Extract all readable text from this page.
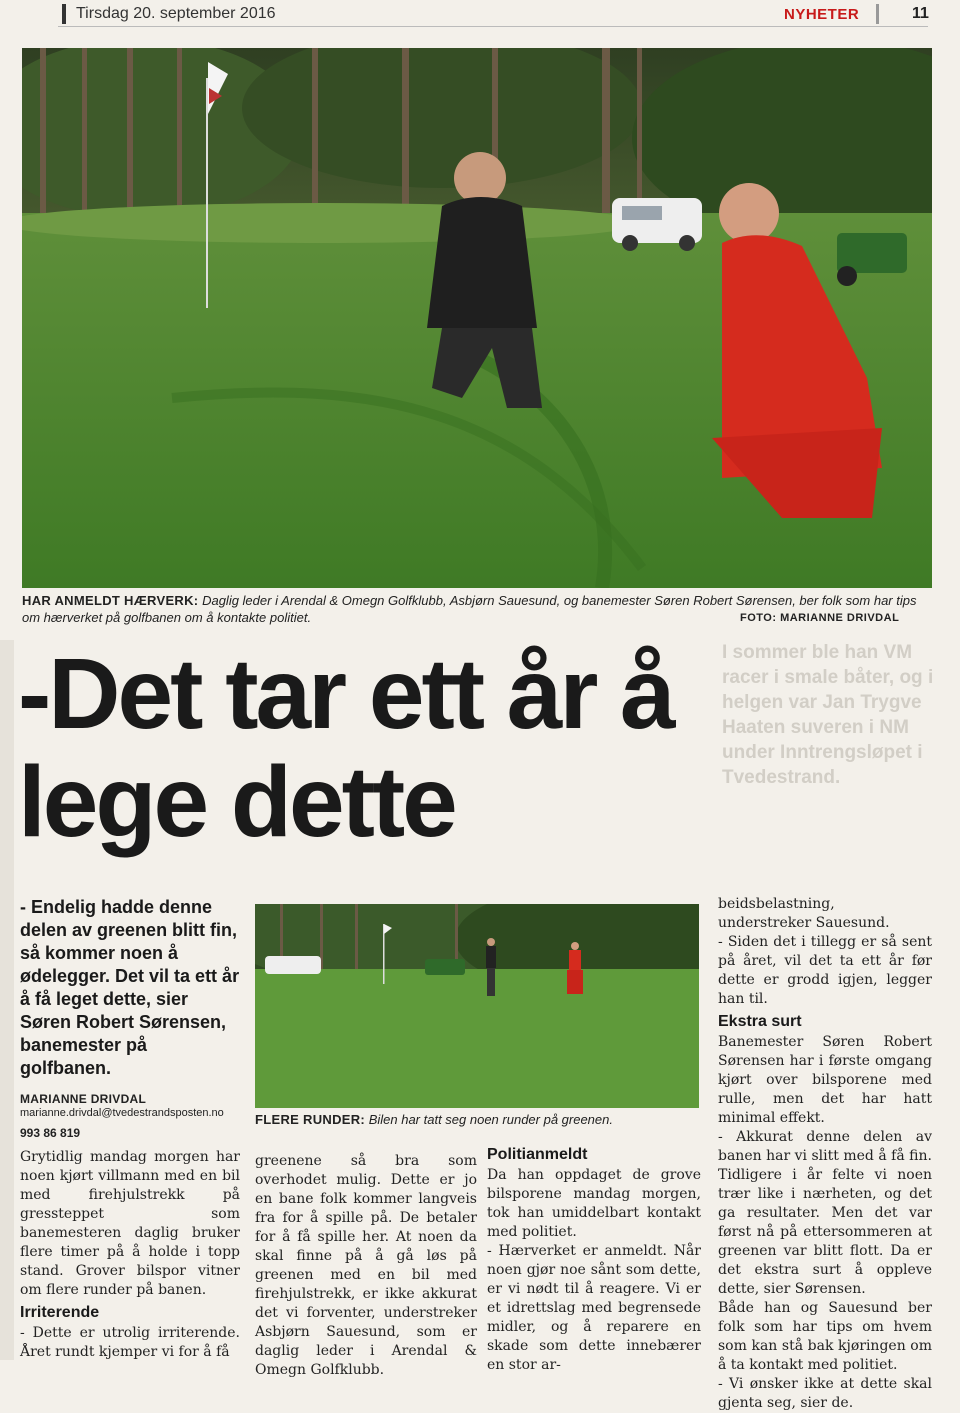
Tirsdag 20. september 2016	NYHETER	11
HAR ANMELDT HÆRVERK: Daglig leder i Arendal & Omegn Golfklubb, Asbjørn Sauesund, og banemester Søren Robert Sørensen, ber folk som har tips om hærverket på golfbanen om å kontakte politiet.	FOTO: MARIANNE DRIVDAL
I sommer ble han VM racer i smale båter, og i helgen var Jan Trygve Haaten suveren i NM under Inntrengsløpet i Tvedestrand.
-Det tar ett år å lege dette
- Endelig hadde denne delen av greenen blitt fin, så kommer noen å ødelegger. Det vil ta ett år å få leget dette, sier Søren Robert Sørensen, banemester på golfbanen.
MARIANNE DRIVDAL
marianne.drivdal@tvedestrandsposten.no
993 86 819
FLERE RUNDER: Bilen har tatt seg noen runder på greenen.

Grytidlig mandag morgen har noen kjørt villmann med en bil med firehjulstrekk på gressteppet som banemesteren daglig bruker flere timer på å holde i topp stand. Grover bilspor vitner om flere runder på banen.

Irriterende

- Dette er utrolig irriterende. Året rundt kjemper vi for å få

greenene så bra som overhodet mulig. Dette er jo en bane folk kommer langveis fra for å spille på. De betaler for å få spille her. At noen da skal finne på å gå løs på greenen med en bil med firehjulstrekk, er ikke akkurat det vi forventer, understreker Asbjørn Sauesund, som er daglig leder i Arendal & Omegn Golfklubb.

Politianmeldt

Da han oppdaget de grove bilsporene mandag morgen, tok han umiddelbart kontakt med politiet.

- Hærverket er anmeldt. Når noen gjør noe sånt som dette, er vi nødt til å reagere. Vi er et idrettslag med begrensede midler, og å reparere en skade som dette innebærer en stor ar-

beidsbelastning, understreker Sauesund.

- Siden det i tillegg er så sent på året, vil det ta ett år før dette er grodd igjen, legger han til.

Ekstra surt

Banemester Søren Robert Sørensen har i første omgang kjørt over bilsporene med rulle, men det har hatt minimal effekt.

- Akkurat denne delen av banen har vi slitt med å få fin. Tidligere i år felte vi noen trær like i nærheten, og det ga resultater. Men det var først nå på ettersommeren at greenen var blitt flott. Da er det ekstra surt å oppleve dette, sier Sørensen.

Både han og Sauesund ber folk som har tips om hvem som kan stå bak kjøringen om å ta kontakt med politiet.

- Vi ønsker ikke at dette skal gjenta seg, sier de.
